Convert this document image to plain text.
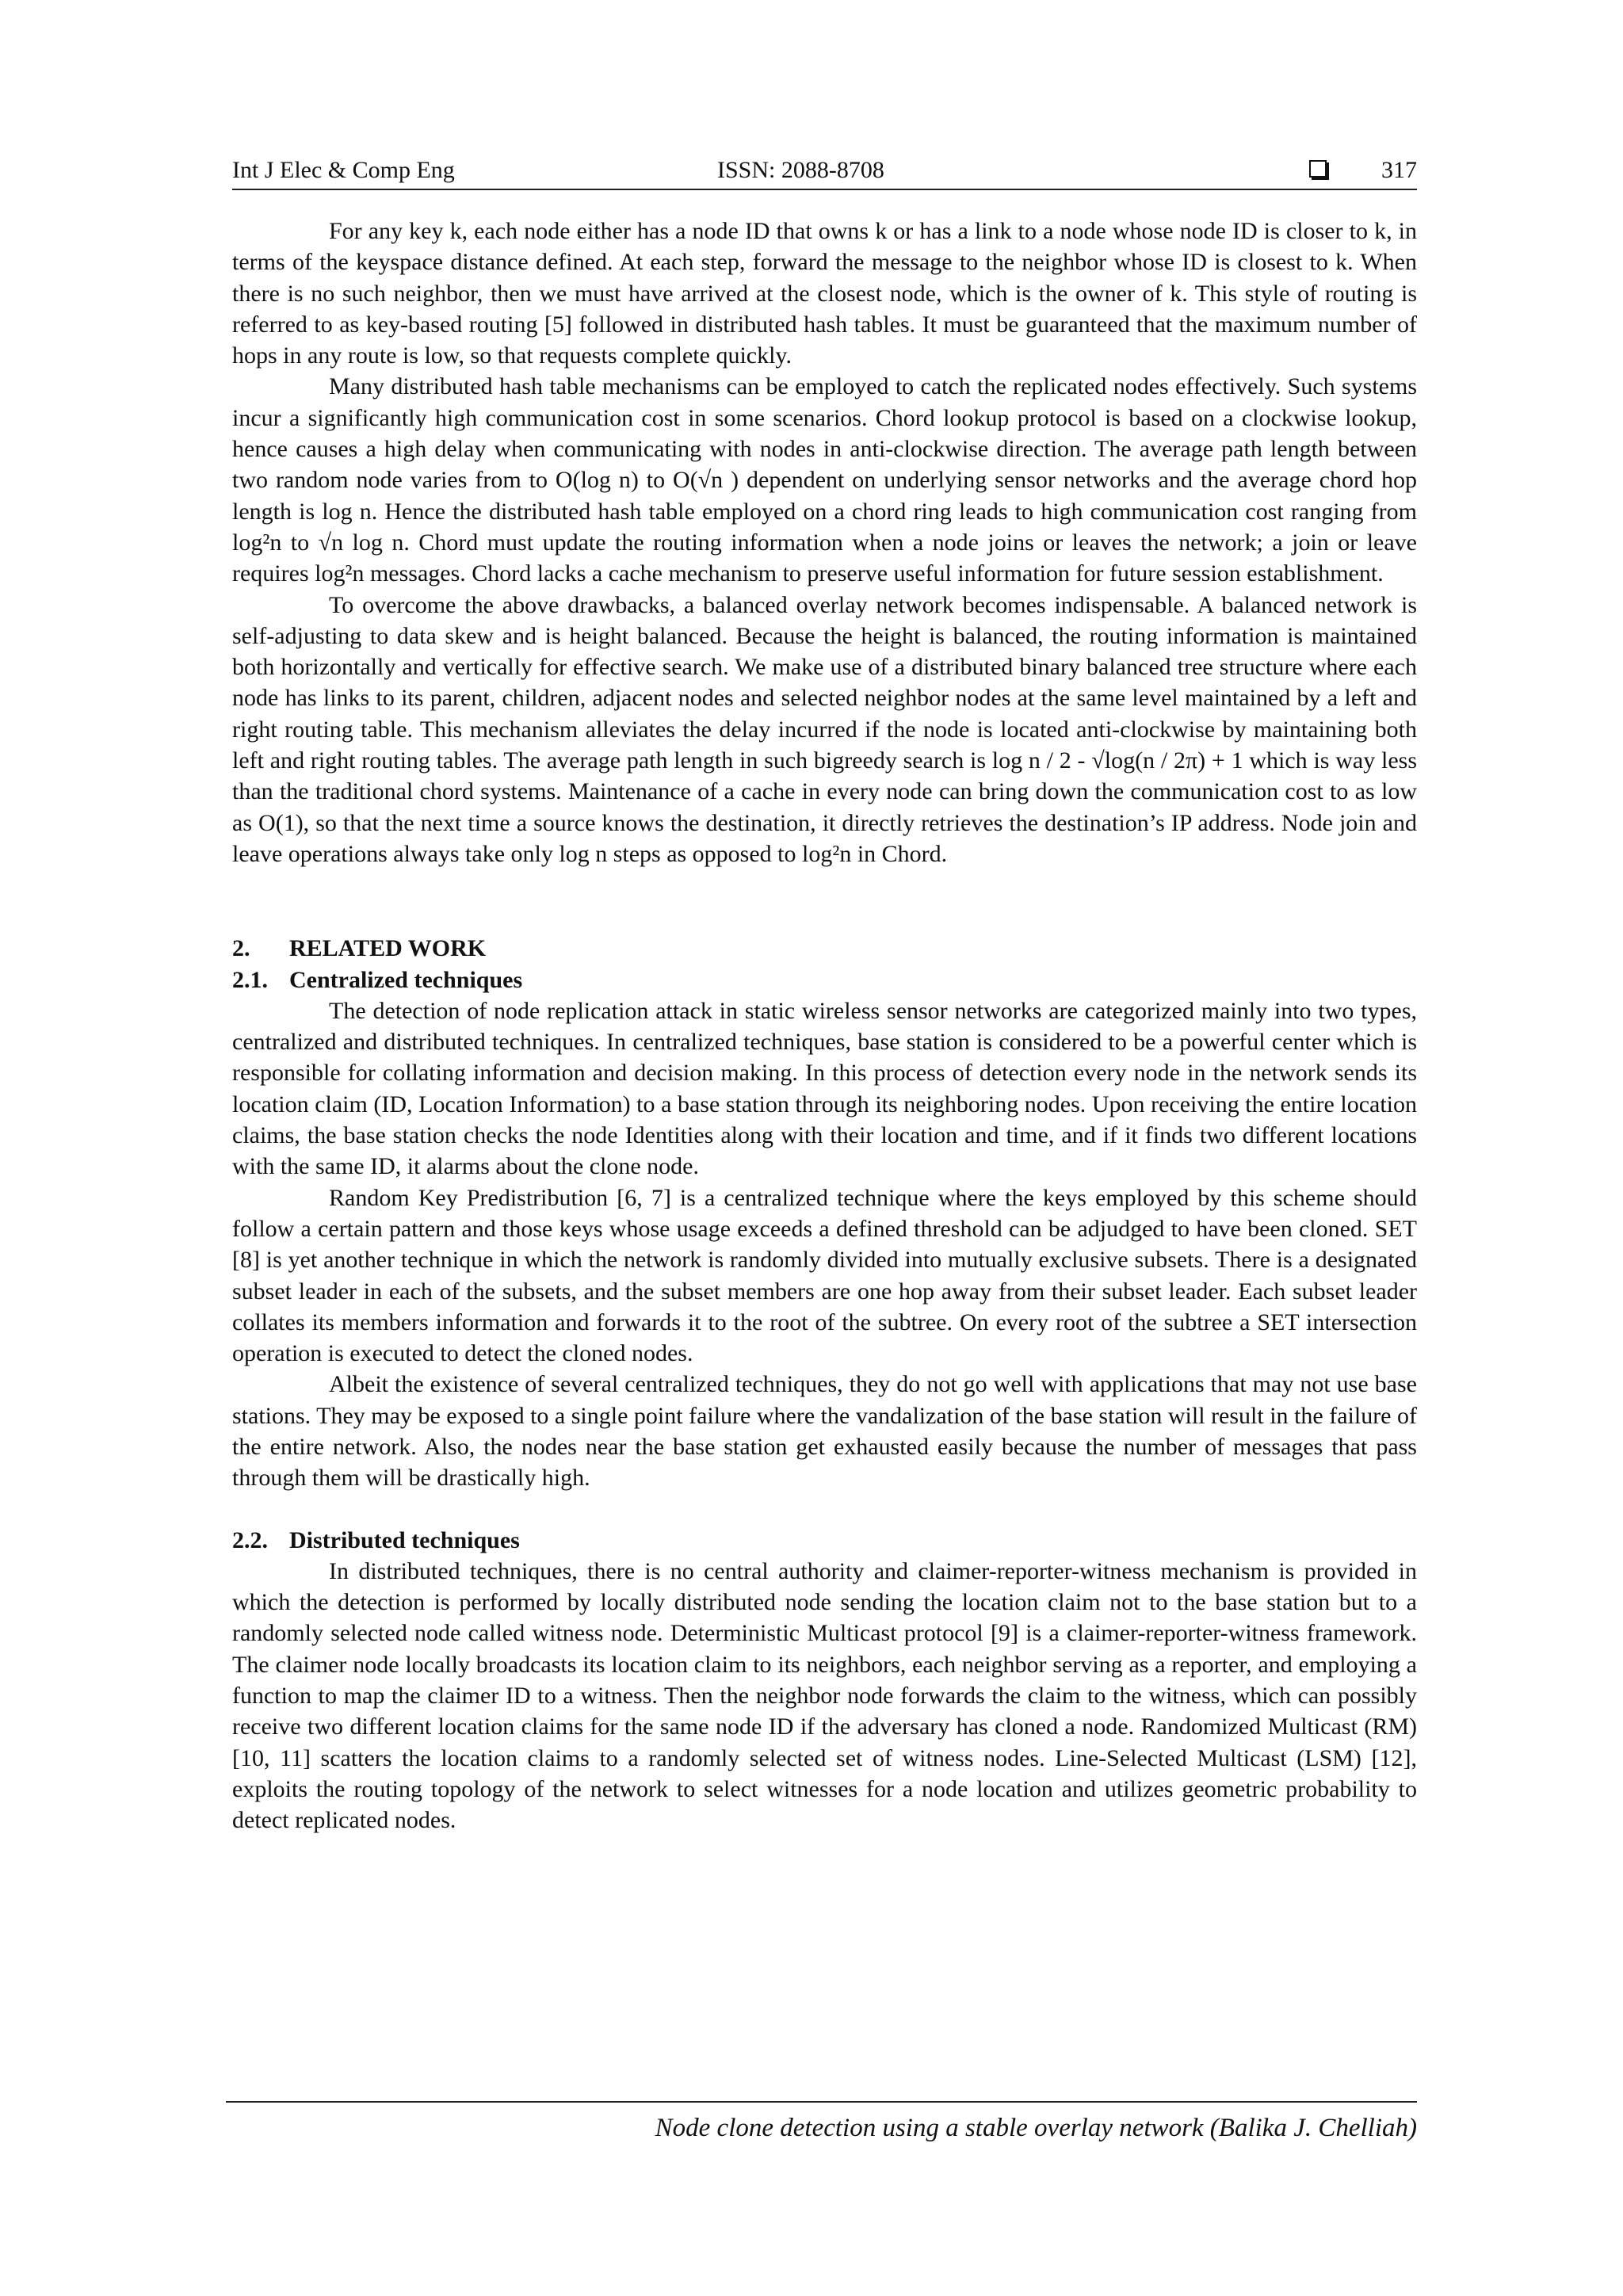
Int J Elec & Comp Eng	ISSN: 2088-8708	317

For any key k, each node either has a node ID that owns k or has a link to a node whose node ID is closer to k, in terms of the keyspace distance defined. At each step, forward the message to the neighbor whose ID is closest to k. When there is no such neighbor, then we must have arrived at the closest node, which is the owner of k. This style of routing is referred to as key-based routing [5] followed in distributed hash tables. It must be guaranteed that the maximum number of hops in any route is low, so that requests complete quickly.

Many distributed hash table mechanisms can be employed to catch the replicated nodes effectively. Such systems incur a significantly high communication cost in some scenarios. Chord lookup protocol is based on a clockwise lookup, hence causes a high delay when communicating with nodes in anti-clockwise direction. The average path length between two random node varies from to O(log n) to O(√n ) dependent on underlying sensor networks and the average chord hop length is log n. Hence the distributed hash table employed on a chord ring leads to high communication cost ranging from log²n to √n log n. Chord must update the routing information when a node joins or leaves the network; a join or leave requires log²n messages. Chord lacks a cache mechanism to preserve useful information for future session establishment.

To overcome the above drawbacks, a balanced overlay network becomes indispensable. A balanced network is self-adjusting to data skew and is height balanced. Because the height is balanced, the routing information is maintained both horizontally and vertically for effective search. We make use of a distributed binary balanced tree structure where each node has links to its parent, children, adjacent nodes and selected neighbor nodes at the same level maintained by a left and right routing table. This mechanism alleviates the delay incurred if the node is located anti-clockwise by maintaining both left and right routing tables. The average path length in such bigreedy search is log n / 2 - √log(n / 2π) + 1 which is way less than the traditional chord systems. Maintenance of a cache in every node can bring down the communication cost to as low as O(1), so that the next time a source knows the destination, it directly retrieves the destination’s IP address. Node join and leave operations always take only log n steps as opposed to log²n in Chord.

2. RELATED WORK
2.1. Centralized techniques

The detection of node replication attack in static wireless sensor networks are categorized mainly into two types, centralized and distributed techniques. In centralized techniques, base station is considered to be a powerful center which is responsible for collating information and decision making. In this process of detection every node in the network sends its location claim (ID, Location Information) to a base station through its neighboring nodes. Upon receiving the entire location claims, the base station checks the node Identities along with their location and time, and if it finds two different locations with the same ID, it alarms about the clone node.

Random Key Predistribution [6, 7] is a centralized technique where the keys employed by this scheme should follow a certain pattern and those keys whose usage exceeds a defined threshold can be adjudged to have been cloned. SET [8] is yet another technique in which the network is randomly divided into mutually exclusive subsets. There is a designated subset leader in each of the subsets, and the subset members are one hop away from their subset leader. Each subset leader collates its members information and forwards it to the root of the subtree. On every root of the subtree a SET intersection operation is executed to detect the cloned nodes.

Albeit the existence of several centralized techniques, they do not go well with applications that may not use base stations. They may be exposed to a single point failure where the vandalization of the base station will result in the failure of the entire network. Also, the nodes near the base station get exhausted easily because the number of messages that pass through them will be drastically high.

2.2. Distributed techniques

In distributed techniques, there is no central authority and claimer-reporter-witness mechanism is provided in which the detection is performed by locally distributed node sending the location claim not to the base station but to a randomly selected node called witness node. Deterministic Multicast protocol [9] is a claimer-reporter-witness framework. The claimer node locally broadcasts its location claim to its neighbors, each neighbor serving as a reporter, and employing a function to map the claimer ID to a witness. Then the neighbor node forwards the claim to the witness, which can possibly receive two different location claims for the same node ID if the adversary has cloned a node. Randomized Multicast (RM) [10, 11] scatters the location claims to a randomly selected set of witness nodes. Line-Selected Multicast (LSM) [12], exploits the routing topology of the network to select witnesses for a node location and utilizes geometric probability to detect replicated nodes.

Node clone detection using a stable overlay network (Balika J. Chelliah)
